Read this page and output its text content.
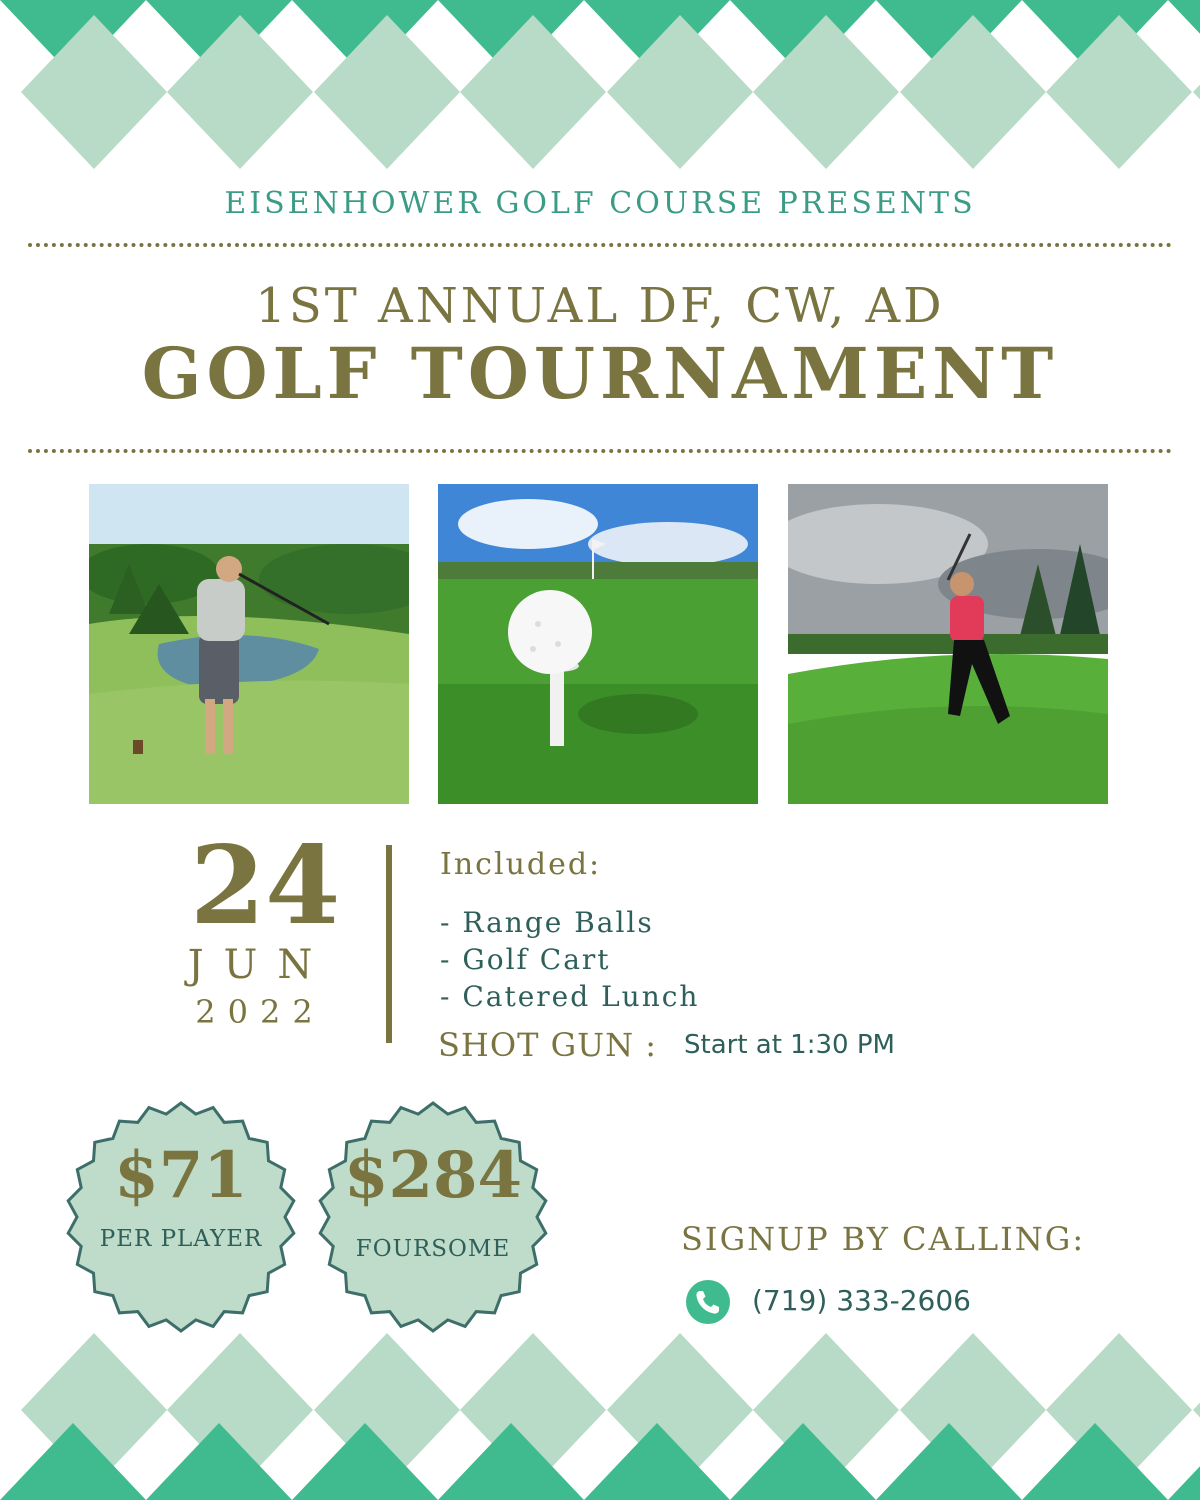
EISENHOWER GOLF COURSE PRESENTS
1ST ANNUAL DF, CW, AD
GOLF TOURNAMENT
24
JUN
2022
Included:
- Range Balls
- Golf Cart
- Catered Lunch
SHOT GUN : Start at 1:30 PM
$71
PER PLAYER
$284
FOURSOME	SIGNUP BY CALLING:
(719) 333-2606
